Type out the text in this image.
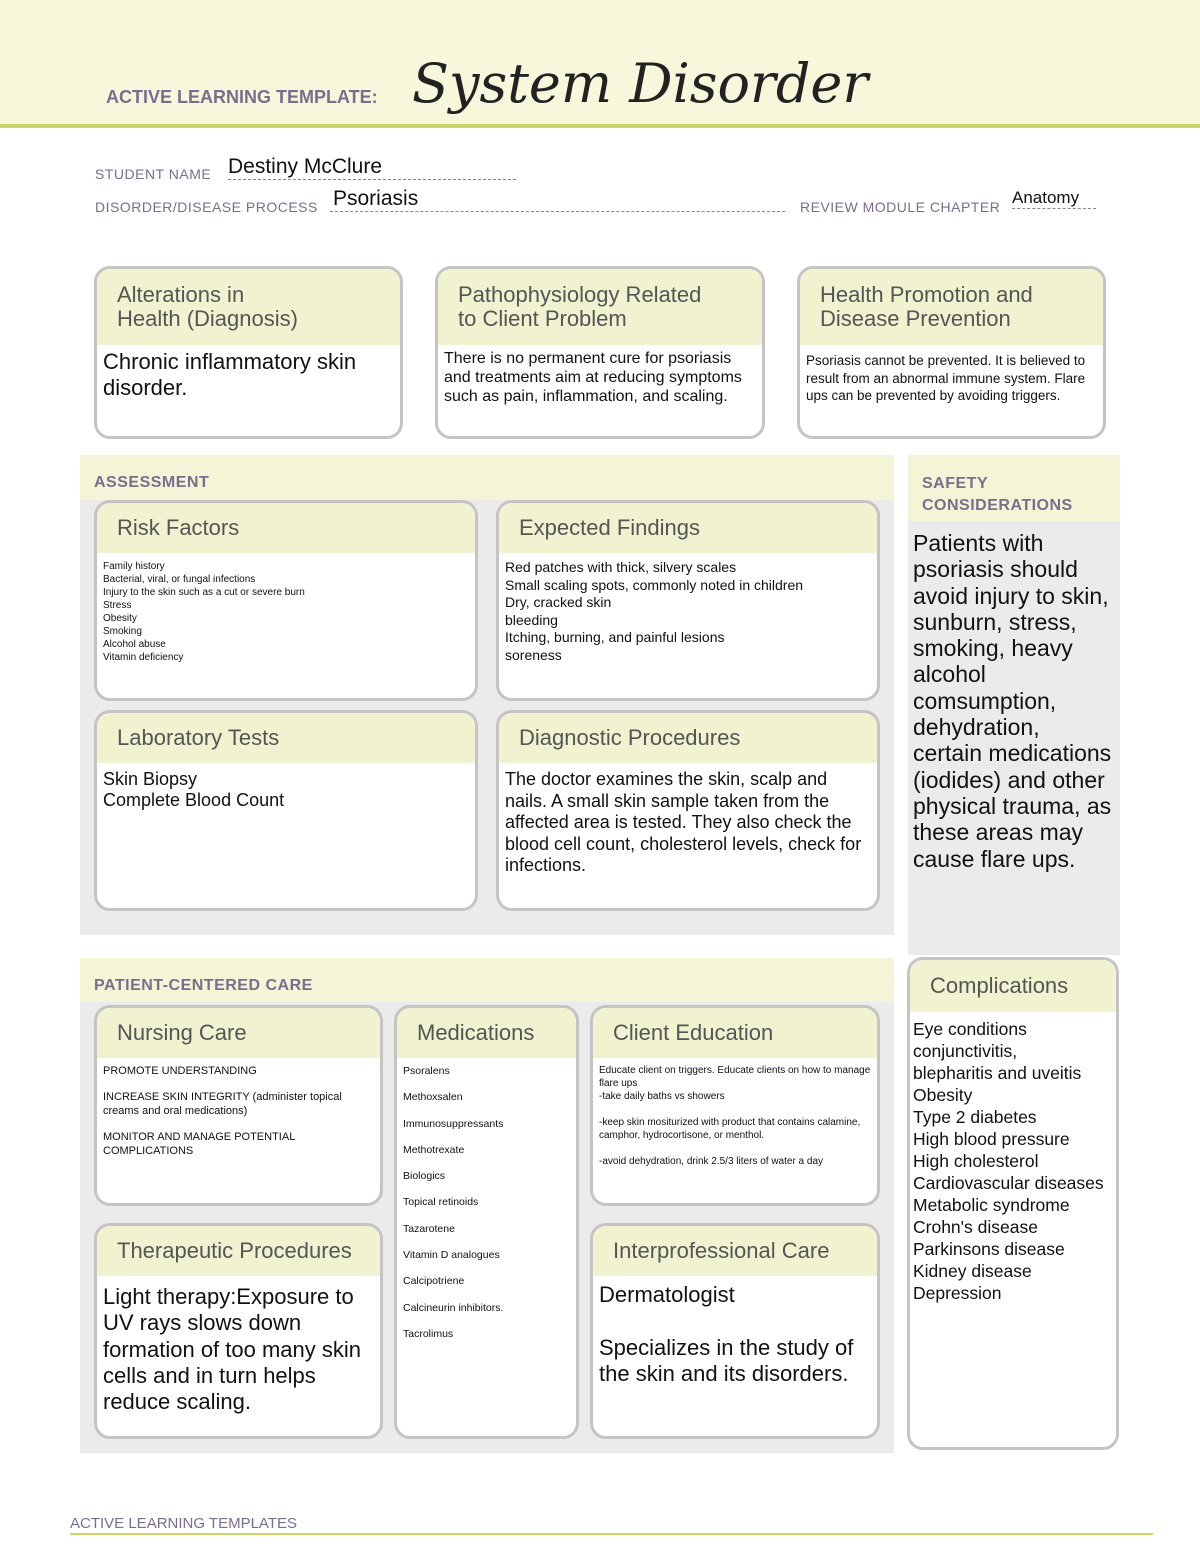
ACTIVE LEARNING TEMPLATE: System Disorder
STUDENT NAME Destiny McClure
DISORDER/DISEASE PROCESS Psoriasis	REVIEW MODULE CHAPTER Anatomy
Alterations in
Health (Diagnosis)
Chronic inflammatory skin disorder.
Pathophysiology Related
to Client Problem
There is no permanent cure for psoriasis and treatments aim at reducing symptoms such as pain, inflammation, and scaling.
Health Promotion and
Disease Prevention
Psoriasis cannot be prevented. It is believed to result from an abnormal immune system. Flare ups can be prevented by avoiding triggers.
ASSESSMENT
Risk Factors
Family history
Bacterial, viral, or fungal infections
Injury to the skin such as a cut or severe burn
Stress
Obesity
Smoking
Alcohol abuse
Vitamin deficiency
Expected Findings
Red patches with thick, silvery scales
Small scaling spots, commonly noted in children
Dry, cracked skin
bleeding
Itching, burning, and painful lesions
soreness
Laboratory Tests
Skin Biopsy
Complete Blood Count
Diagnostic Procedures
The doctor examines the skin, scalp and nails. A small skin sample taken from the affected area is tested. They also check the blood cell count, cholesterol levels, check for infections.
SAFETY
CONSIDERATIONS
Patients with psoriasis should avoid injury to skin, sunburn, stress, smoking, heavy alcohol comsumption, dehydration, certain medications (iodides) and other physical trauma, as these areas may cause flare ups.
PATIENT-CENTERED CARE
Nursing Care
PROMOTE UNDERSTANDING
INCREASE SKIN INTEGRITY (administer topical creams and oral medications)
MONITOR AND MANAGE POTENTIAL COMPLICATIONS
Medications
Psoralens
Methoxsalen
Immunosuppressants
Methotrexate
Biologics
Topical retinoids
Tazarotene
Vitamin D analogues
Calcipotriene
Calcineurin inhibitors.
Tacrolimus
Client Education
Educate client on triggers. Educate clients on how to manage flare ups
-take daily baths vs showers
-keep skin mositurized with product that contains calamine, camphor, hydrocortisone, or menthol.
-avoid dehydration, drink 2.5/3 liters of water a day
Therapeutic Procedures
Light therapy:Exposure to UV rays slows down formation of too many skin cells and in turn helps reduce scaling.
Interprofessional Care
Dermatologist

Specializes in the study of the skin and its disorders.
Complications
Eye conditions
conjunctivitis,
blepharitis and uveitis
Obesity
Type 2 diabetes
High blood pressure
High cholesterol
Cardiovascular diseases
Metabolic syndrome
Crohn's disease
Parkinsons disease
Kidney disease
Depression
ACTIVE LEARNING TEMPLATES
